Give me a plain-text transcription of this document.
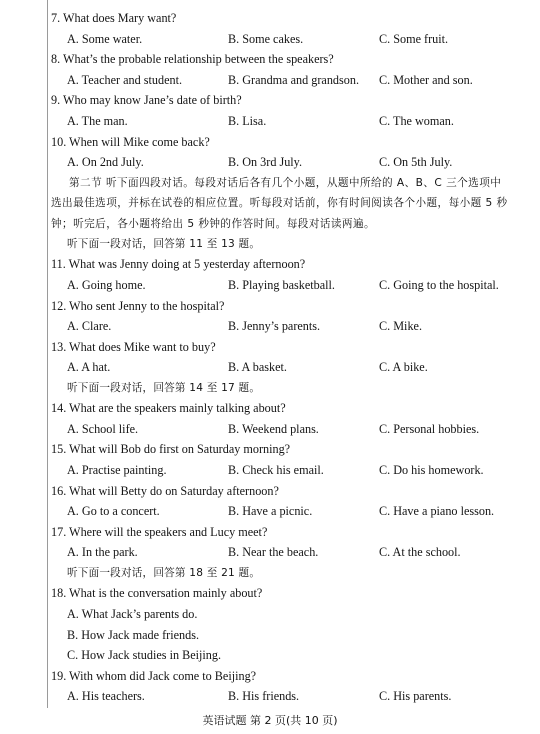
7. What does Mary want?
A. Some water.	B. Some cakes.	C. Some fruit.
8. What’s the probable relationship between the speakers?
A. Teacher and student.	B. Grandma and grandson. C. Mother and son.
9. Who may know Jane’s date of birth?
A. The man.	B. Lisa.	C. The woman.
10. When will Mike come back?
A. On 2nd July.	B. On 3rd July.	C. On 5th July.
第二节 听下面四段对话。每段对话后各有几个小题，从题中所给的 A、B、C 三个选项中
选出最佳选项，并标在试卷的相应位置。听每段对话前，你有时间阅读各个小题，每小题 5 秒
钟；听完后，各小题将给出 5 秒钟的作答时间。每段对话读两遍。
听下面一段对话，回答第 11 至 13 题。
11. What was Jenny doing at 5 yesterday afternoon?
A. Going home.	B. Playing basketball.	C. Going to the hospital.
12. Who sent Jenny to the hospital?
A. Clare.	B. Jenny’s parents.	C. Mike.
13. What does Mike want to buy?
A. A hat.	B. A basket.	C. A bike.
听下面一段对话，回答第 14 至 17 题。
14. What are the speakers mainly talking about?
A. School life.	B. Weekend plans.	C. Personal hobbies.
15. What will Bob do first on Saturday morning?
A. Practise painting.	B. Check his email.	C. Do his homework.
16. What will Betty do on Saturday afternoon?
A. Go to a concert.	B. Have a picnic.	C. Have a piano lesson.
17. Where will the speakers and Lucy meet?
A. In the park.	B. Near the beach.	C. At the school.
听下面一段对话，回答第 18 至 21 题。
18. What is the conversation mainly about?
A. What Jack’s parents do.
B. How Jack made friends.
C. How Jack studies in Beijing.
19. With whom did Jack come to Beijing?
A. His teachers.	B. His friends.	C. His parents.
英语试题 第 2 页(共 10 页)
